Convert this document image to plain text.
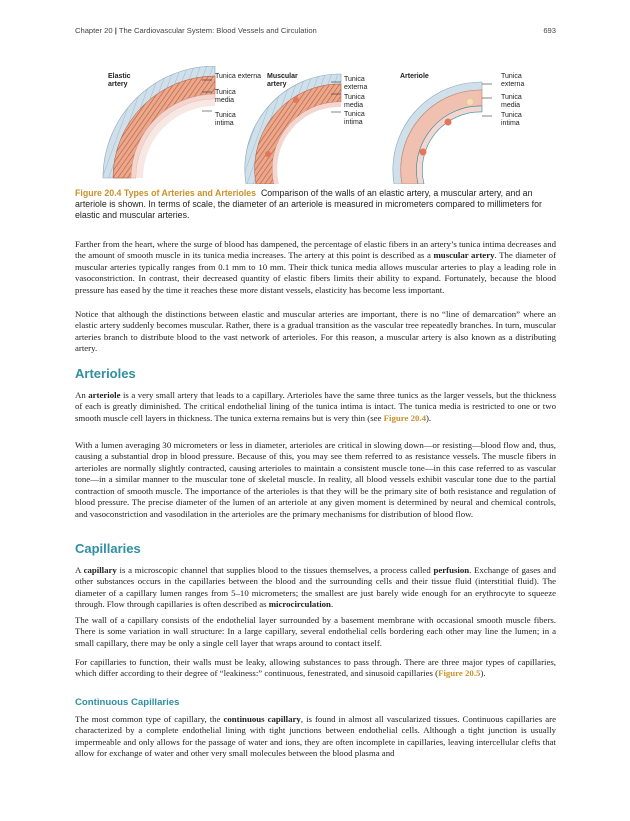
Chapter 20 | The Cardiovascular System: Blood Vessels and Circulation	693
Elastic artery
Tunica externa
Tunica media
Tunica intima
Muscular artery
Tunica externa
Tunica media
Tunica intima
Arteriole	Tunica externa
Tunica media
Tunica intima
Figure 20.4 Types of Arteries and Arterioles Comparison of the walls of an elastic artery, a muscular artery, and an arteriole is shown. In terms of scale, the diameter of an arteriole is measured in micrometers compared to millimeters for elastic and muscular arteries.

Farther from the heart, where the surge of blood has dampened, the percentage of elastic fibers in an artery’s tunica intima decreases and the amount of smooth muscle in its tunica media increases. The artery at this point is described as a muscular artery. The diameter of muscular arteries typically ranges from 0.1 mm to 10 mm. Their thick tunica media allows muscular arteries to play a leading role in vasoconstriction. In contrast, their decreased quantity of elastic fibers limits their ability to expand. Fortunately, because the blood pressure has eased by the time it reaches these more distant vessels, elasticity has become less important.

Notice that although the distinctions between elastic and muscular arteries are important, there is no “line of demarcation” where an elastic artery suddenly becomes muscular. Rather, there is a gradual transition as the vascular tree repeatedly branches. In turn, muscular arteries branch to distribute blood to the vast network of arterioles. For this reason, a muscular artery is also known as a distributing artery.

Arterioles

An arteriole is a very small artery that leads to a capillary. Arterioles have the same three tunics as the larger vessels, but the thickness of each is greatly diminished. The critical endothelial lining of the tunica intima is intact. The tunica media is restricted to one or two smooth muscle cell layers in thickness. The tunica externa remains but is very thin (see Figure 20.4).

With a lumen averaging 30 micrometers or less in diameter, arterioles are critical in slowing down—or resisting—blood flow and, thus, causing a substantial drop in blood pressure. Because of this, you may see them referred to as resistance vessels. The muscle fibers in arterioles are normally slightly contracted, causing arterioles to maintain a consistent muscle tone—in this case referred to as vascular tone—in a similar manner to the muscular tone of skeletal muscle. In reality, all blood vessels exhibit vascular tone due to the partial contraction of smooth muscle. The importance of the arterioles is that they will be the primary site of both resistance and regulation of blood pressure. The precise diameter of the lumen of an arteriole at any given moment is determined by neural and chemical controls, and vasoconstriction and vasodilation in the arterioles are the primary mechanisms for distribution of blood flow.

Capillaries

A capillary is a microscopic channel that supplies blood to the tissues themselves, a process called perfusion. Exchange of gases and other substances occurs in the capillaries between the blood and the surrounding cells and their tissue fluid (interstitial fluid). The diameter of a capillary lumen ranges from 5–10 micrometers; the smallest are just barely wide enough for an erythrocyte to squeeze through. Flow through capillaries is often described as microcirculation.

The wall of a capillary consists of the endothelial layer surrounded by a basement membrane with occasional smooth muscle fibers. There is some variation in wall structure: In a large capillary, several endothelial cells bordering each other may line the lumen; in a small capillary, there may be only a single cell layer that wraps around to contact itself.

For capillaries to function, their walls must be leaky, allowing substances to pass through. There are three major types of capillaries, which differ according to their degree of “leakiness:” continuous, fenestrated, and sinusoid capillaries (Figure 20.5).

Continuous Capillaries

The most common type of capillary, the continuous capillary, is found in almost all vascularized tissues. Continuous capillaries are characterized by a complete endothelial lining with tight junctions between endothelial cells. Although a tight junction is usually impermeable and only allows for the passage of water and ions, they are often incomplete in capillaries, leaving intercellular clefts that allow for exchange of water and other very small molecules between the blood plasma and
